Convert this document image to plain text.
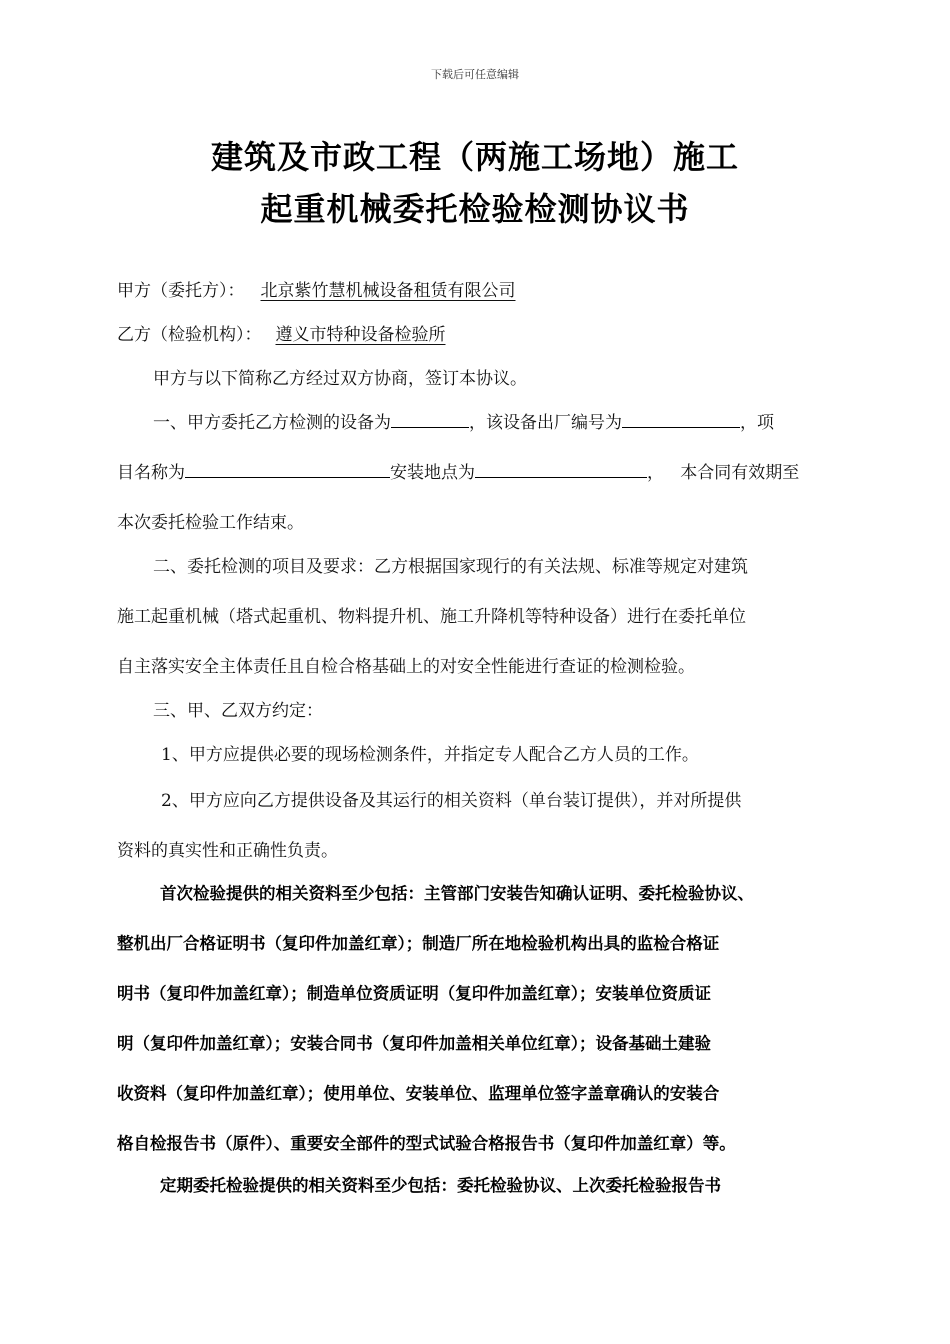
下载后可任意编辑
建筑及市政工程（两施工场地）施工
起重机械委托检验检测协议书
甲方（委托方）： 北京紫竹慧机械设备租赁有限公司
乙方（检验机构）： 遵义市特种设备检验所
甲方与以下简称乙方经过双方协商，签订本协议。
一、甲方委托乙方检测的设备为	，该设备出厂编号为	，项
目名称为	安装地点为	，   本合同有效期至
本次委托检验工作结束。
二、委托检测的项目及要求：乙方根据国家现行的有关法规、标准等规定对建筑
施工起重机械（塔式起重机、物料提升机、施工升降机等特种设备）进行在委托单位
自主落实安全主体责任且自检合格基础上的对安全性能进行查证的检测检验。
三、甲、乙双方约定：
1、甲方应提供必要的现场检测条件，并指定专人配合乙方人员的工作。
2、甲方应向乙方提供设备及其运行的相关资料（单台装订提供），并对所提供
资料的真实性和正确性负责。
首次检验提供的相关资料至少包括：主管部门安装告知确认证明、委托检验协议、
整机出厂合格证明书（复印件加盖红章）；制造厂所在地检验机构出具的监检合格证
明书（复印件加盖红章）；制造单位资质证明（复印件加盖红章）；安装单位资质证
明（复印件加盖红章）；安装合同书（复印件加盖相关单位红章）；设备基础土建验
收资料（复印件加盖红章）；使用单位、安装单位、监理单位签字盖章确认的安装合
格自检报告书（原件）、重要安全部件的型式试验合格报告书（复印件加盖红章）等。
定期委托检验提供的相关资料至少包括：委托检验协议、上次委托检验报告书
